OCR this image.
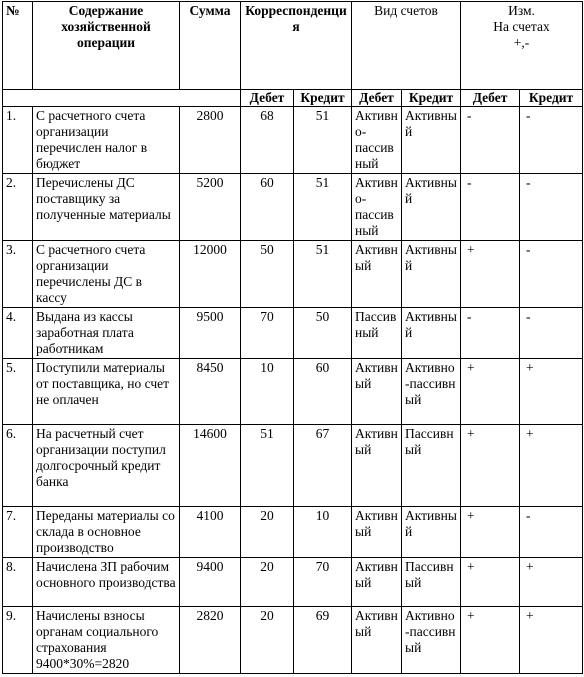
№	Содержание хозяйственной операции	Сумма	Корреспонденция		Вид счетов		Изм.
На счетах
+,-	

			Дебет	Кредит	Дебет	Кредит	Дебет	Кредит
1.	С расчетного счета организации перечислен налог в бюджет	2800	68	51	Активно-пассивный	Активный	-	-
2.	Перечислены ДС поставщику за полученные материалы	5200	60	51	Активно-пассивный	Активный	-	-
3.	С расчетного счета организации перечислены ДС в кассу	12000	50	51	Активный	Активный	+	-
4.	Выдана из кассы заработная плата работникам	9500	70	50	Пассивный	Активный	-	-
5.	Поступили материалы от поставщика, но счет не оплачен	8450	10	60	Активный	Активно-пассивный	+	+
6.	На расчетный счет организации поступил долгосрочный кредит банка	14600	51	67	Активный	Пассивный	+	+
7.	Переданы материалы со склада в основное производство	4100	20	10	Активный	Активный	+	-
8.	Начислена ЗП рабочим основного производства	9400	20	70	Активный	Пассивный	+	+
9.	Начислены взносы органам социального страхования 9400*30%=2820	2820	20	69	Активный	Активно-пассивный	+	+
